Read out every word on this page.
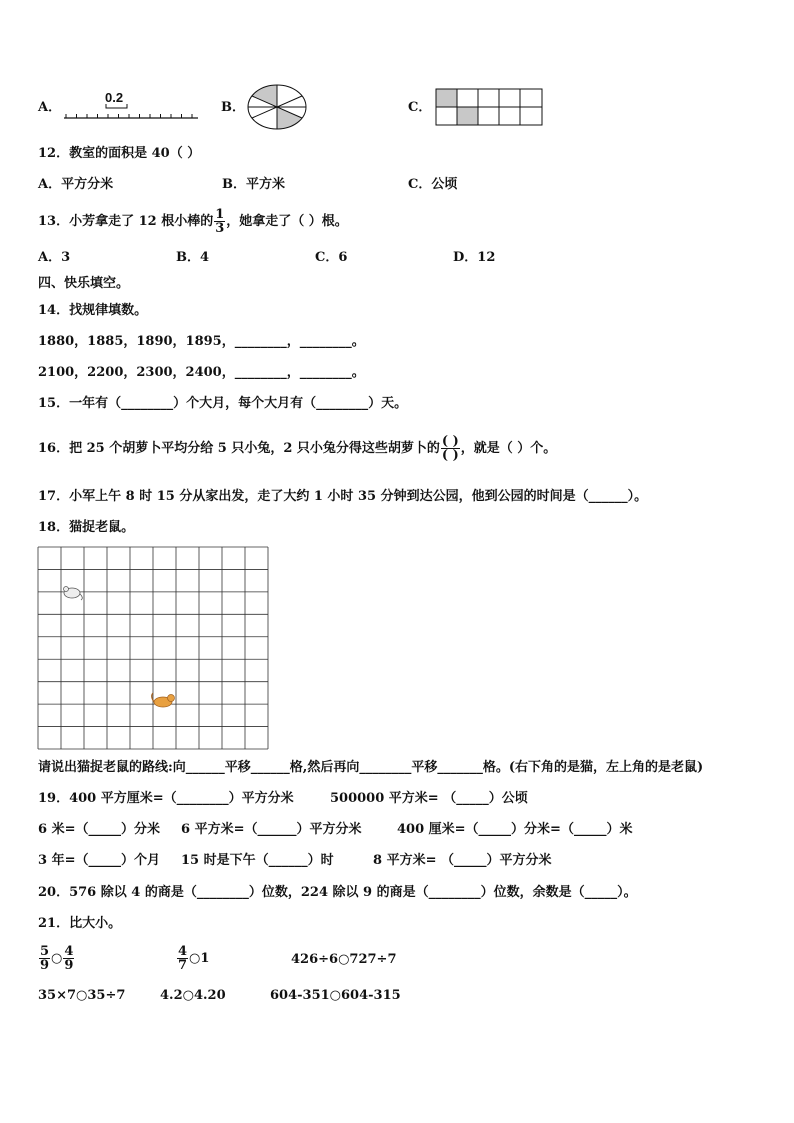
A．
0.2
B．	C．
12．教室的面积是 40（ ）
A．平方分米	B．平方米	C．公顷
13．小芳拿走了 12 根小棒的 $\frac{1}{3}$ ，她拿走了（ ）根。
A．3	B．4	C．6	D．12
四、快乐填空。
14．找规律填数。
1880，1885，1890，1895，________，________。
2100，2200，2300，2400，________，________。
15．一年有（________）个大月，每个大月有（________）天。
16．把 25 个胡萝卜平均分给 5 只小兔，2 只小兔分得这些胡萝卜的 $\frac{( )}{( )}$ ，就是（ ）个。
17．小军上午 8 时 15 分从家出发，走了大约 1 小时 35 分钟到达公园，他到公园的时间是（______）。
18．猫捉老鼠。
请说出猫捉老鼠的路线:向______平移______格,然后再向________平移_______格。(右下角的是猫，左上角的是老鼠)
19．400 平方厘米=（________）平方分米	500000 平方米= （_____）公顷
6 米=（_____）分米 6 平方米=（______）平方分米	400 厘米=（_____）分米=（_____）米
3 年=（_____）个月 15 时是下午（______）时	8 平方米= （_____）平方分米
20．576 除以 4 的商是（________）位数，224 除以 9 的商是（________）位数，余数是（_____）。
21．比大小。
$\frac{5}{9}$ ○ $\frac{4}{9}$	$\frac{4}{7}$ ○1	426÷6○727÷7
35×7○35÷7	4.2○4.20	604-351○604-315
